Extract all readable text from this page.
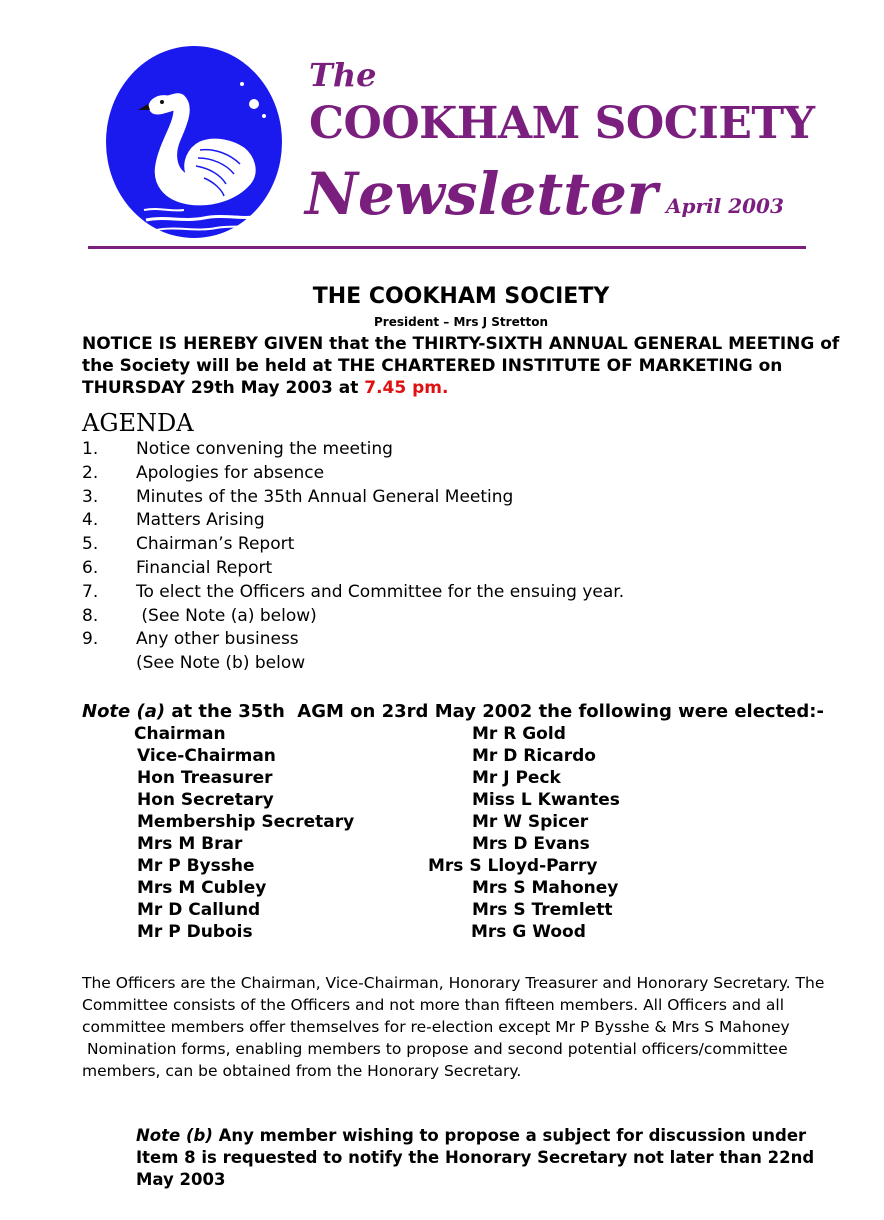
The
COOKHAM SOCIETY
Newsletter April 2003
THE COOKHAM SOCIETY
President – Mrs J Stretton
NOTICE IS HEREBY GIVEN that the THIRTY-SIXTH ANNUAL GENERAL MEETING of the Society will be held at THE CHARTERED INSTITUTE OF MARKETING on THURSDAY 29th May 2003 at 7.45 pm.
AGENDA
1. Notice convening the meeting
2. Apologies for absence
3. Minutes of the 35th Annual General Meeting
4. Matters Arising
5. Chairman’s Report
6. Financial Report
7. To elect the Officers and Committee for the ensuing year.
8. (See Note (a) below)
9. Any other business
(See Note (b) below
Note (a) at the 35th  AGM on 23rd May 2002 the following were elected:-
Chairman
Vice-Chairman
Hon Treasurer
Hon Secretary
Membership Secretary
Mrs M Brar
Mr P Bysshe
Mrs M Cubley
Mr D Callund
Mr P Dubois
Mr R Gold
Mr D Ricardo
Mr J Peck
Miss L Kwantes
Mr W Spicer
Mrs D Evans
Mrs S Lloyd-Parry
Mrs S Mahoney
Mrs S Tremlett
Mrs G Wood

The Officers are the Chairman, Vice-Chairman, Honorary Treasurer and Honorary Secretary. The Committee consists of the Officers and not more than fifteen members. All Officers and all committee members offer themselves for re-election except Mr P Bysshe & Mrs S Mahoney

Nomination forms, enabling members to propose and second potential officers/committee members, can be obtained from the Honorary Secretary.

Note (b) Any member wishing to propose a subject for discussion under Item 8 is requested to notify the Honorary Secretary not later than 22nd May 2003
